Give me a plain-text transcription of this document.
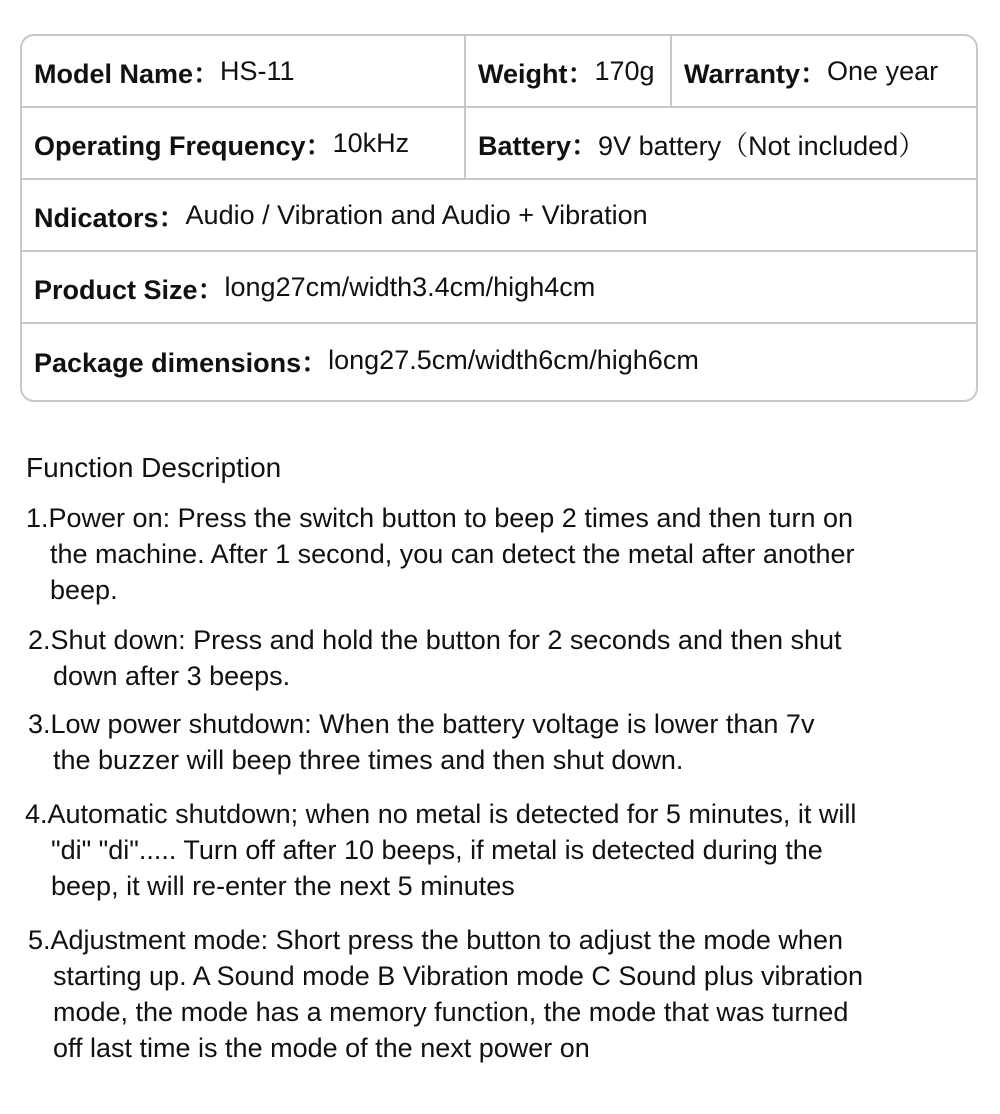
Model Name： HS-11	Weight： 170g Warranty： One year
Operating Frequency： 10kHz	Battery： 9V battery（Not included）
Ndicators： Audio / Vibration and Audio + Vibration
Product Size： long27cm/width3.4cm/high4cm
Package dimensions： long27.5cm/width6cm/high6cm
Function Description
1.Power on: Press the switch button to beep 2 times and then turn on
the machine. After 1 second, you can detect the metal after another
beep.
2.Shut down: Press and hold the button for 2 seconds and then shut
down after 3 beeps.
3.Low power shutdown: When the battery voltage is lower than 7v
the buzzer will beep three times and then shut down.
4.Automatic shutdown; when no metal is detected for 5 minutes, it will
"di" "di"..... Turn off after 10 beeps, if metal is detected during the
beep, it will re-enter the next 5 minutes
5.Adjustment mode: Short press the button to adjust the mode when
starting up. A Sound mode B Vibration mode C Sound plus vibration
mode, the mode has a memory function, the mode that was turned
off last time is the mode of the next power on
